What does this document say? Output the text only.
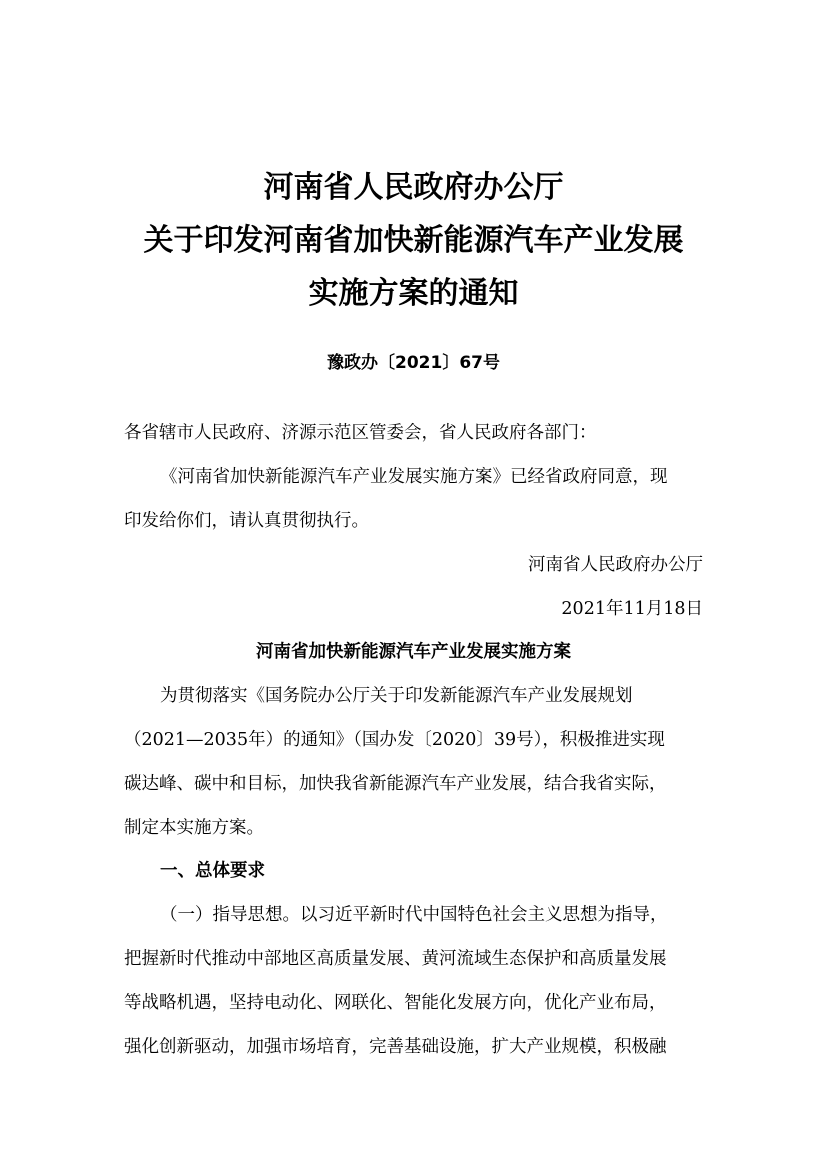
河南省人民政府办公厅
关于印发河南省加快新能源汽车产业发展
实施方案的通知
豫政办〔2021〕67号
各省辖市人民政府、济源示范区管委会，省人民政府各部门：
《河南省加快新能源汽车产业发展实施方案》已经省政府同意，现
印发给你们，请认真贯彻执行。
河南省人民政府办公厅
2021年11月18日
河南省加快新能源汽车产业发展实施方案
为贯彻落实《国务院办公厅关于印发新能源汽车产业发展规划
（2021—2035年）的通知》（国办发〔2020〕39号），积极推进实现
碳达峰、碳中和目标，加快我省新能源汽车产业发展，结合我省实际，
制定本实施方案。
一、总体要求
（一）指导思想。以习近平新时代中国特色社会主义思想为指导，
把握新时代推动中部地区高质量发展、黄河流域生态保护和高质量发展
等战略机遇，坚持电动化、网联化、智能化发展方向，优化产业布局，
强化创新驱动，加强市场培育，完善基础设施，扩大产业规模，积极融
